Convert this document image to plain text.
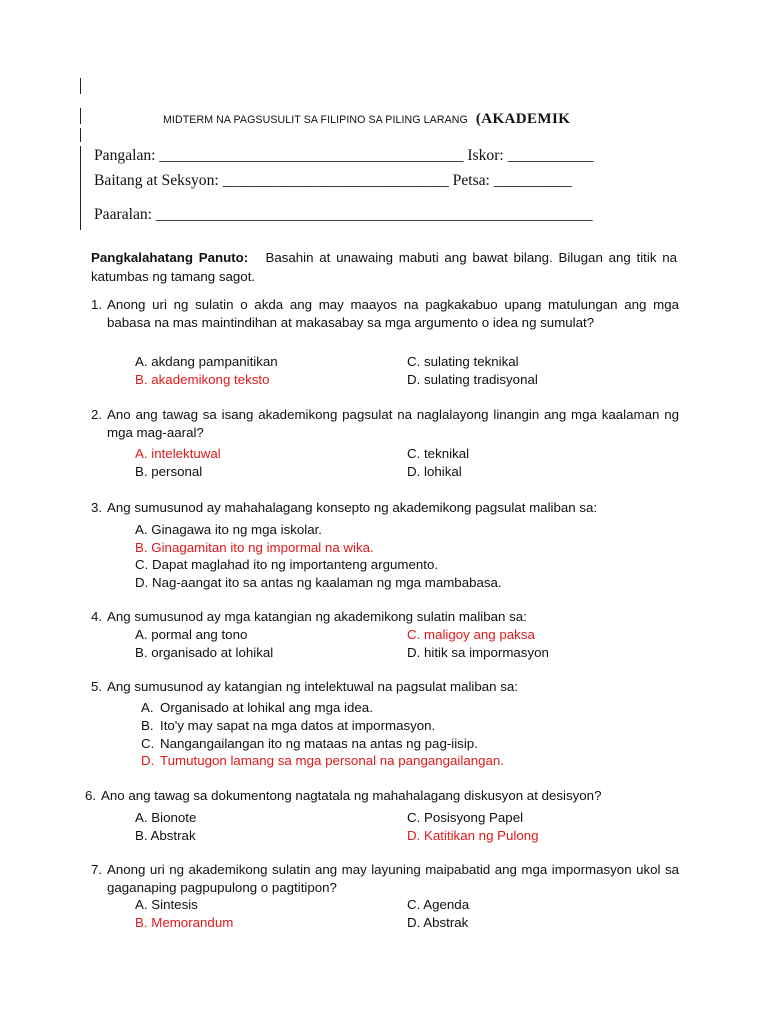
MIDTERM NA PAGSUSULIT SA FILIPINO SA PILING LARANG (AKADEMIK
Pangalan: _______________________________________ Iskor: ___________
Baitang at Seksyon: _____________________________ Petsa: __________
Paaralan: ________________________________________________________
Pangkalahatang Panuto: Basahin at unawaing mabuti ang bawat bilang. Bilugan ang titik na katumbas ng tamang sagot.
1. Anong uri ng sulatin o akda ang may maayos na pagkakabuo upang matulungan ang mga babasa na mas maintindihan at makasabay sa mga argumento o idea ng sumulat?
A. akdang pampanitikan
B. akademikong teksto
C. sulating teknikal
D. sulating tradisyonal
2. Ano ang tawag sa isang akademikong pagsulat na naglalayong linangin ang mga kaalaman ng mga mag-aaral?
A. intelektuwal
B. personal
C. teknikal
D. lohikal
3. Ang sumusunod ay mahahalagang konsepto ng akademikong pagsulat maliban sa:
A. Ginagawa ito ng mga iskolar.
B. Ginagamitan ito ng impormal na wika.
C. Dapat maglahad ito ng importanteng argumento.
D. Nag-aangat ito sa antas ng kaalaman ng mga mambabasa.
4. Ang sumusunod ay mga katangian ng akademikong sulatin maliban sa:
A. pormal ang tono
B. organisado at lohikal
C. maligoy ang paksa
D. hitik sa impormasyon
5. Ang sumusunod ay katangian ng intelektuwal na pagsulat maliban sa:
A. Organisado at lohikal ang mga idea.
B. Ito'y may sapat na mga datos at impormasyon.
C. Nangangailangan ito ng mataas na antas ng pag-iisip.
D. Tumutugon lamang sa mga personal na pangangailangan.
6. Ano ang tawag sa dokumentong nagtatala ng mahahalagang diskusyon at desisyon?
A. Bionote
B. Abstrak
C. Posisyong Papel
D. Katitikan ng Pulong
7. Anong uri ng akademikong sulatin ang may layuning maipabatid ang mga impormasyon ukol sa gaganaping pagpupulong o pagtitipon?
A. Sintesis
B. Memorandum
C. Agenda
D. Abstrak
